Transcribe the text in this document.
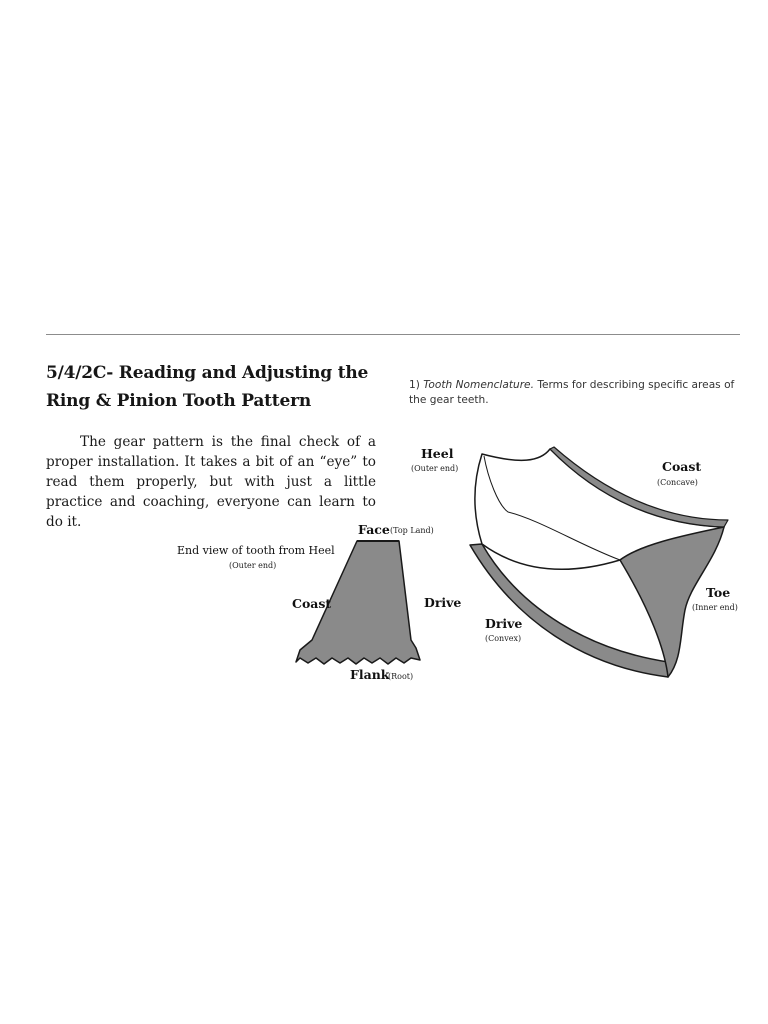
5/4/2C- Reading and Adjusting the
Ring & Pinion Tooth Pattern
1) Tooth Nomenclature. Terms for describing specific areas of the gear teeth.

The gear pattern is the final check of a proper installation. It takes a bit of an “eye” to read them properly, but with just a little practice and coaching, everyone can learn to do it.

End view of tooth from Heel
(Outer end)
Face (Top Land)
Coast	Drive
Flank
(Root)
Heel
(Outer end)	Coast
(Concave)
Toe
(Inner end)
Drive
(Convex)
